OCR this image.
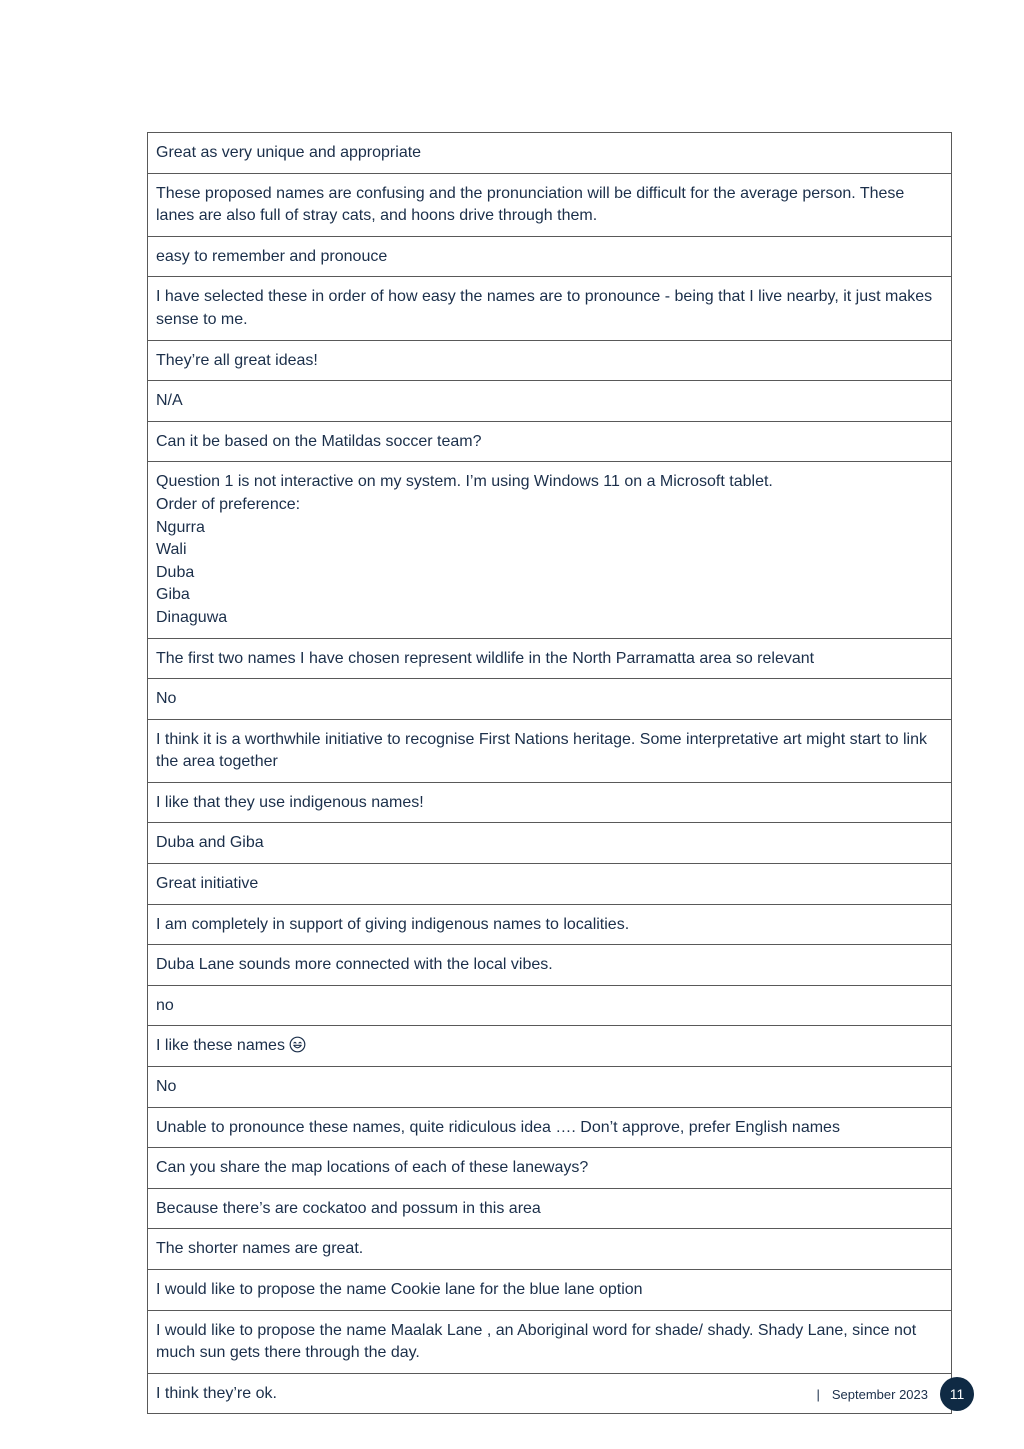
Great as very unique and appropriate
These proposed names are confusing and the pronunciation will be difficult for the average person. These lanes are also full of stray cats, and hoons drive through them.
easy to remember and pronouce
I have selected these in order of how easy the names are to pronounce - being that I live nearby, it just makes sense to me.
They’re all great ideas!
N/A
Can it be based on the Matildas soccer team?
Question 1 is not interactive on my system. I’m using Windows 11 on a Microsoft tablet.
Order of preference:
Ngurra
Wali
Duba
Giba
Dinaguwa
The first two names I have chosen represent wildlife in the North Parramatta area so relevant
No
I think it is a worthwhile initiative to recognise First Nations heritage. Some interpretative art might start to link the area together
I like that they use indigenous names!
Duba and Giba
Great initiative
I am completely in support of giving indigenous names to localities.
Duba Lane sounds more connected with the local vibes.
no
I like these names
No
Unable to pronounce these names, quite ridiculous idea …. Don’t approve, prefer English names
Can you share the map locations of each of these laneways?
Because there’s are cockatoo and possum in this area
The shorter names are great.
I would like to propose the name Cookie lane for the blue lane option
I would like to propose the name Maalak Lane , an Aboriginal word for shade/ shady. Shady Lane, since not much sun gets there through the day.
I think they’re ok.	| September 2023	11
